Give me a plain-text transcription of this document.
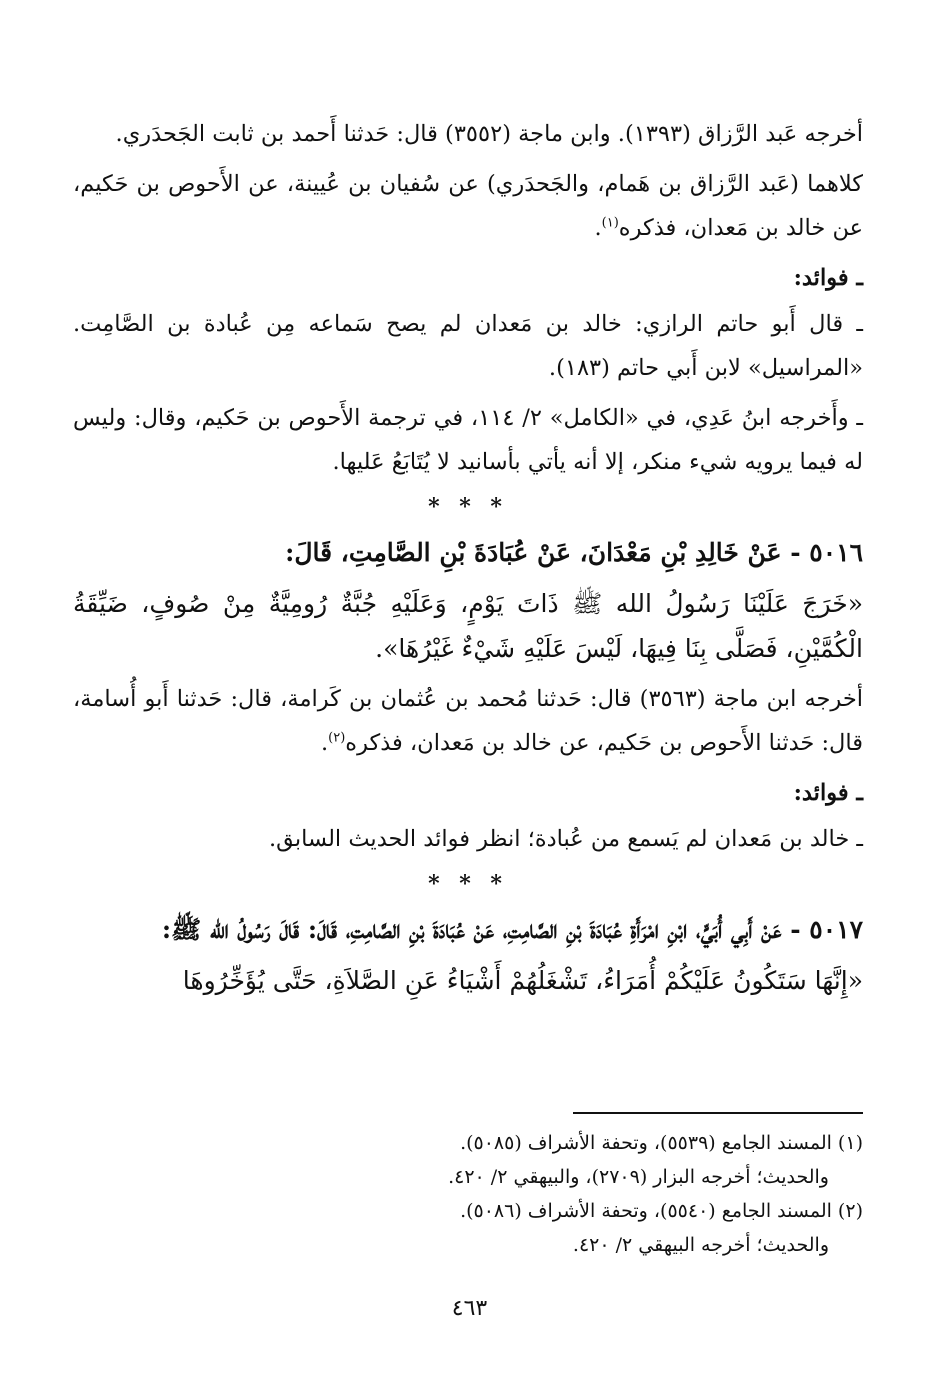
أخرجه عَبد الرَّزاق (١٣٩٣). وابن ماجة (٣٥٥٢) قال: حَدثنا أَحمد بن ثابت الجَحدَري.

كلاهما (عَبد الرَّزاق بن هَمام، والجَحدَري) عن سُفيان بن عُيينة، عن الأَحوص بن حَكيم، عن خالد بن مَعدان، فذكره$^{(١)}$.

ـ فوائد:

ـ قال أَبو حاتم الرازي: خالد بن مَعدان لم يصح سَماعه مِن عُبادة بن الصَّامِت. «المراسيل» لابن أَبي حاتم (١٨٣).

ـ وأَخرجه ابنُ عَدِي، في «الكامل» ٢/ ١١٤، في ترجمة الأَحوص بن حَكيم، وقال: وليس له فيما يرويه شيء منكر، إلا أنه يأتي بأسانيد لا يُتَابَعُ عَليها.

* * *

٥٠١٦ - عَنْ خَالِدِ بْنِ مَعْدَانَ، عَنْ عُبَادَةَ بْنِ الصَّامِتِ، قَالَ:

«خَرَجَ عَلَيْنَا رَسُولُ الله ﷺ ذَاتَ يَوْمٍ، وَعَلَيْهِ جُبَّةٌ رُومِيَّةٌ مِنْ صُوفٍ، ضَيِّقَةُ الْكُمَّيْنِ، فَصَلَّى بِنَا فِيهَا، لَيْسَ عَلَيْهِ شَيْءٌ غَيْرُهَا».

أخرجه ابن ماجة (٣٥٦٣) قال: حَدثنا مُحمد بن عُثمان بن كَرامة، قال: حَدثنا أَبو أُسامة، قال: حَدثنا الأَحوص بن حَكيم، عن خالد بن مَعدان، فذكره$^{(٢)}$.

ـ فوائد:

ـ خالد بن مَعدان لم يَسمع من عُبادة؛ انظر فوائد الحديث السابق.

* * *

٥٠١٧ - عَنْ أَبِي أُبَيٍّ، ابْنِ امْرَأَةِ عُبَادَةَ بْنِ الصَّامِتِ، عَنْ عُبَادَةَ بْنِ الصَّامِتِ، قَالَ: قَالَ رَسُولُ الله ﷺ:

«إِنَّهَا سَتَكُونُ عَلَيْكُمْ أُمَرَاءُ، تَشْغَلُهُمْ أَشْيَاءُ عَنِ الصَّلاَةِ، حَتَّى يُؤَخِّرُوهَا

(١) المسند الجامع (٥٥٣٩)، وتحفة الأشراف (٥٠٨٥).

والحديث؛ أخرجه البزار (٢٧٠٩)، والبيهقي ٢/ ٤٢٠.

(٢) المسند الجامع (٥٥٤٠)، وتحفة الأشراف (٥٠٨٦).

والحديث؛ أخرجه البيهقي ٢/ ٤٢٠.

٤٦٣
